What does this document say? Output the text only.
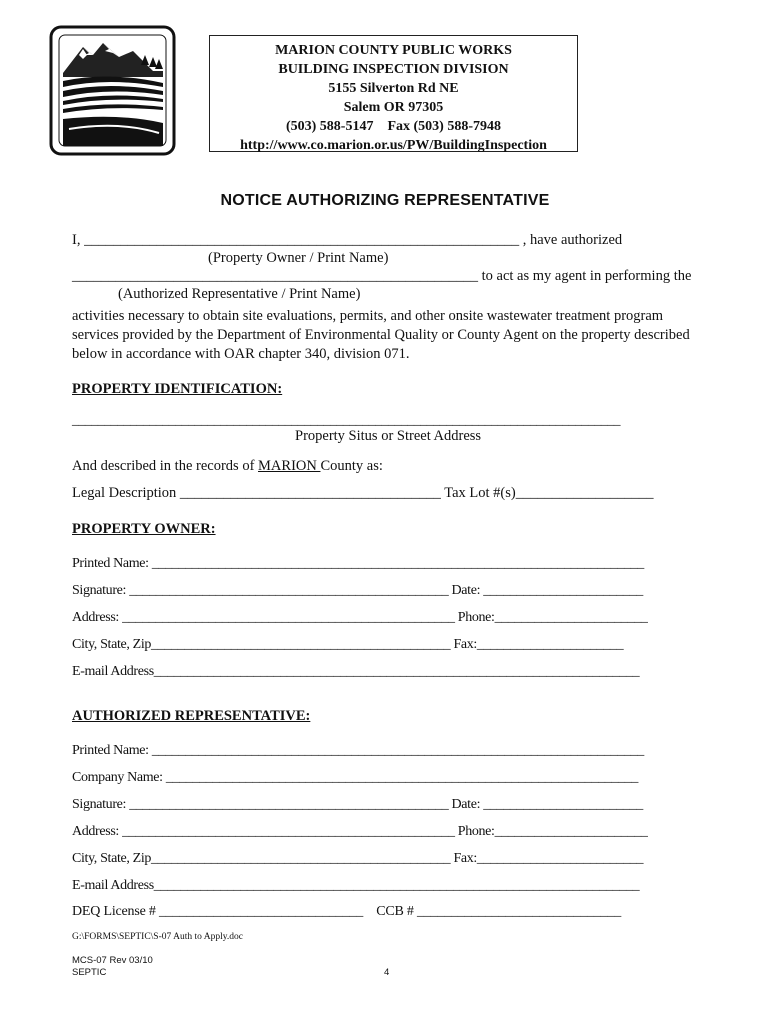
MARION COUNTY PUBLIC WORKS
BUILDING INSPECTION DIVISION
5155 Silverton Rd NE
Salem OR 97305
(503) 588-5147    Fax (503) 588-7948
http://www.co.marion.or.us/PW/BuildingInspection
NOTICE AUTHORIZING REPRESENTATIVE
I, ____________________________________________________________ , have authorized
(Property Owner / Print Name)
________________________________________________________ to act as my agent in performing the
(Authorized Representative / Print Name)
activities necessary to obtain site evaluations, permits, and other onsite wastewater treatment program services provided by the Department of Environmental Quality or County Agent on the property described below in accordance with OAR chapter 340, division 071.
PROPERTY IDENTIFICATION:
_____________________________________________________________________________________
Property Situs or Street Address
And described in the records of MARION County as:
Legal Description ____________________________________ Tax Lot #(s)___________________
PROPERTY OWNER:
Printed Name: __________________________________________________________________________
Signature: ________________________________________________ Date: ________________________
Address: __________________________________________________ Phone:_______________________
City, State, Zip_____________________________________________ Fax:______________________
E-mail Address_________________________________________________________________________
AUTHORIZED REPRESENTATIVE:
Printed Name: __________________________________________________________________________
Company Name: _______________________________________________________________________
Signature: ________________________________________________ Date: ________________________
Address: __________________________________________________ Phone:_______________________
City, State, Zip_____________________________________________ Fax:_________________________
E-mail Address_________________________________________________________________________
DEQ License # ______________________________    CCB # ______________________________
G:\FORMS\SEPTIC\S-07 Auth to Apply.doc
MCS-07 Rev 03/10
SEPTIC	4
